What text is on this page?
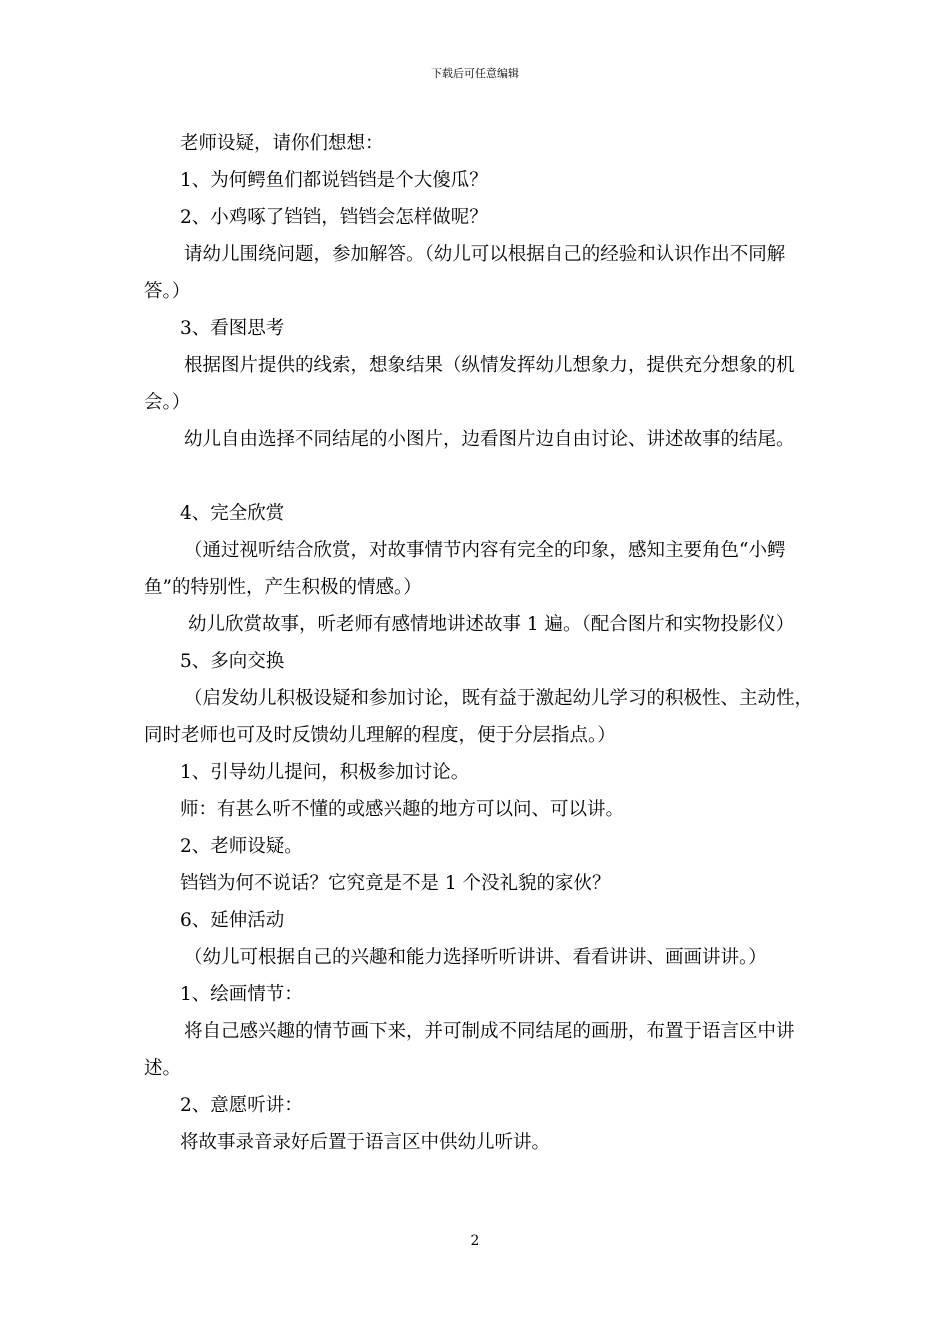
下载后可任意编辑

老师设疑，请你们想想：

1、为何鳄鱼们都说铛铛是个大傻瓜？

2、小鸡啄了铛铛，铛铛会怎样做呢？

请幼儿围绕问题，参加解答。（幼儿可以根据自己的经验和认识作出不同解答。）

3、看图思考

根据图片提供的线索，想象结果（纵情发挥幼儿想象力，提供充分想象的机会。）

幼儿自由选择不同结尾的小图片，边看图片边自由讨论、讲述故事的结尾。

4、完全欣赏

（通过视听结合欣赏，对故事情节内容有完全的印象，感知主要角色“小鳄鱼”的特别性，产生积极的情感。）

幼儿欣赏故事，听老师有感情地讲述故事 1 遍。（配合图片和实物投影仪）

5、多向交换

（启发幼儿积极设疑和参加讨论，既有益于激起幼儿学习的积极性、主动性，同时老师也可及时反馈幼儿理解的程度，便于分层指点。）

1、引导幼儿提问，积极参加讨论。

师：有甚么听不懂的或感兴趣的地方可以问、可以讲。

2、老师设疑。

铛铛为何不说话？它究竟是不是 1 个没礼貌的家伙？

6、延伸活动

（幼儿可根据自己的兴趣和能力选择听听讲讲、看看讲讲、画画讲讲。）

1、绘画情节：

将自己感兴趣的情节画下来，并可制成不同结尾的画册，布置于语言区中讲述。

2、意愿听讲：

将故事录音录好后置于语言区中供幼儿听讲。

2
